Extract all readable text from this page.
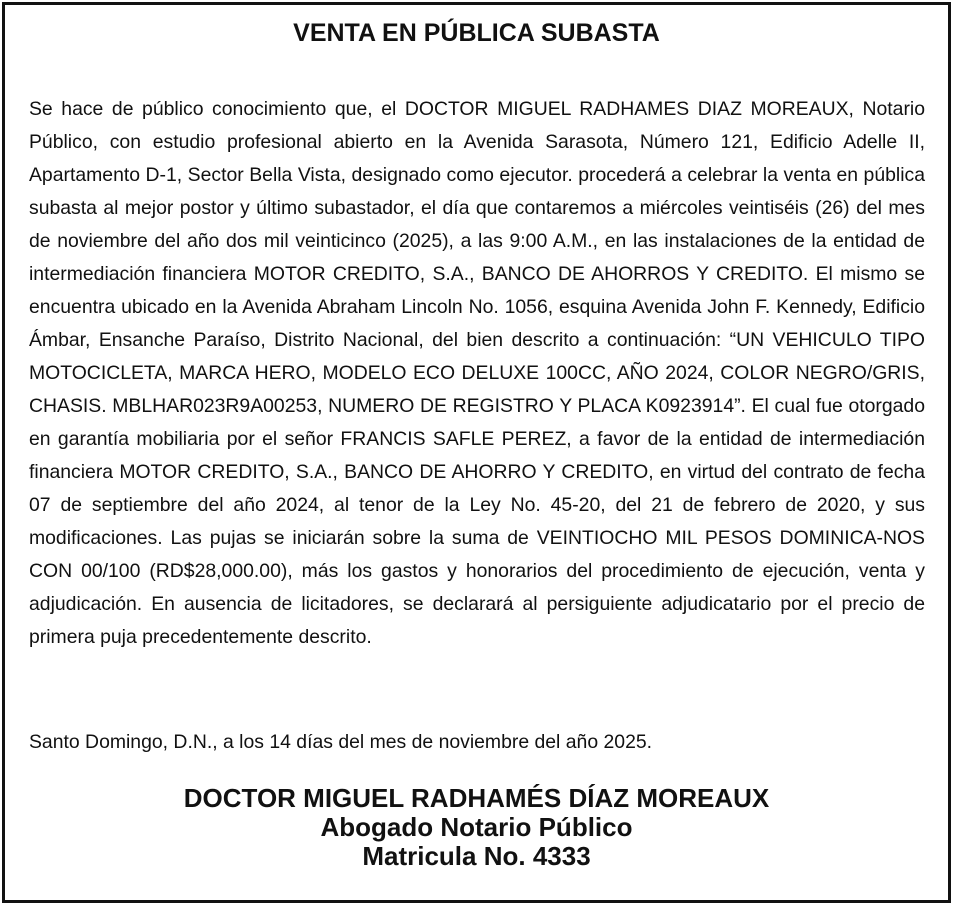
VENTA EN PÚBLICA SUBASTA

Se hace de público conocimiento que, el DOCTOR MIGUEL RADHAMES DIAZ MOREAUX, Notario Público, con estudio profesional abierto en la Avenida Sarasota, Número 121, Edificio Adelle II, Apartamento D-1, Sector Bella Vista, designado como ejecutor. procederá a celebrar la venta en pública subasta al mejor postor y último subastador, el día que contaremos a miércoles veintiséis (26) del mes de noviembre del año dos mil veinticinco (2025), a las 9:00 A.M., en las instalaciones de la entidad de intermediación financiera MOTOR CREDITO, S.A., BANCO DE AHORROS Y CREDITO. El mismo se encuentra ubicado en la Avenida Abraham Lincoln No. 1056, esquina Avenida John F. Kennedy, Edificio Ámbar, Ensanche Paraíso, Distrito Nacional, del bien descrito a continuación: “UN VEHICULO TIPO MOTOCICLETA, MARCA HERO, MODELO ECO DELUXE 100CC, AÑO 2024, COLOR NEGRO/GRIS, CHASIS. MBLHAR023R9A00253, NUMERO DE REGISTRO Y PLACA K0923914”. El cual fue otorgado en garantía mobiliaria por el señor FRANCIS SAFLE PEREZ, a favor de la entidad de intermediación financiera MOTOR CREDITO, S.A., BANCO DE AHORRO Y CREDITO, en virtud del contrato de fecha 07 de septiembre del año 2024, al tenor de la Ley No. 45-20, del 21 de febrero de 2020, y sus modificaciones. Las pujas se iniciarán sobre la suma de VEINTIOCHO MIL PESOS DOMINICA-NOS CON 00/100 (RD$28,000.00), más los gastos y honorarios del procedimiento de ejecución, venta y adjudicación. En ausencia de licitadores, se declarará al persiguiente adjudicatario por el precio de primera puja precedentemente descrito.

Santo Domingo, D.N., a los 14 días del mes de noviembre del año 2025.

DOCTOR MIGUEL RADHAMÉS DÍAZ MOREAUX
Abogado Notario Público
Matricula No. 4333
